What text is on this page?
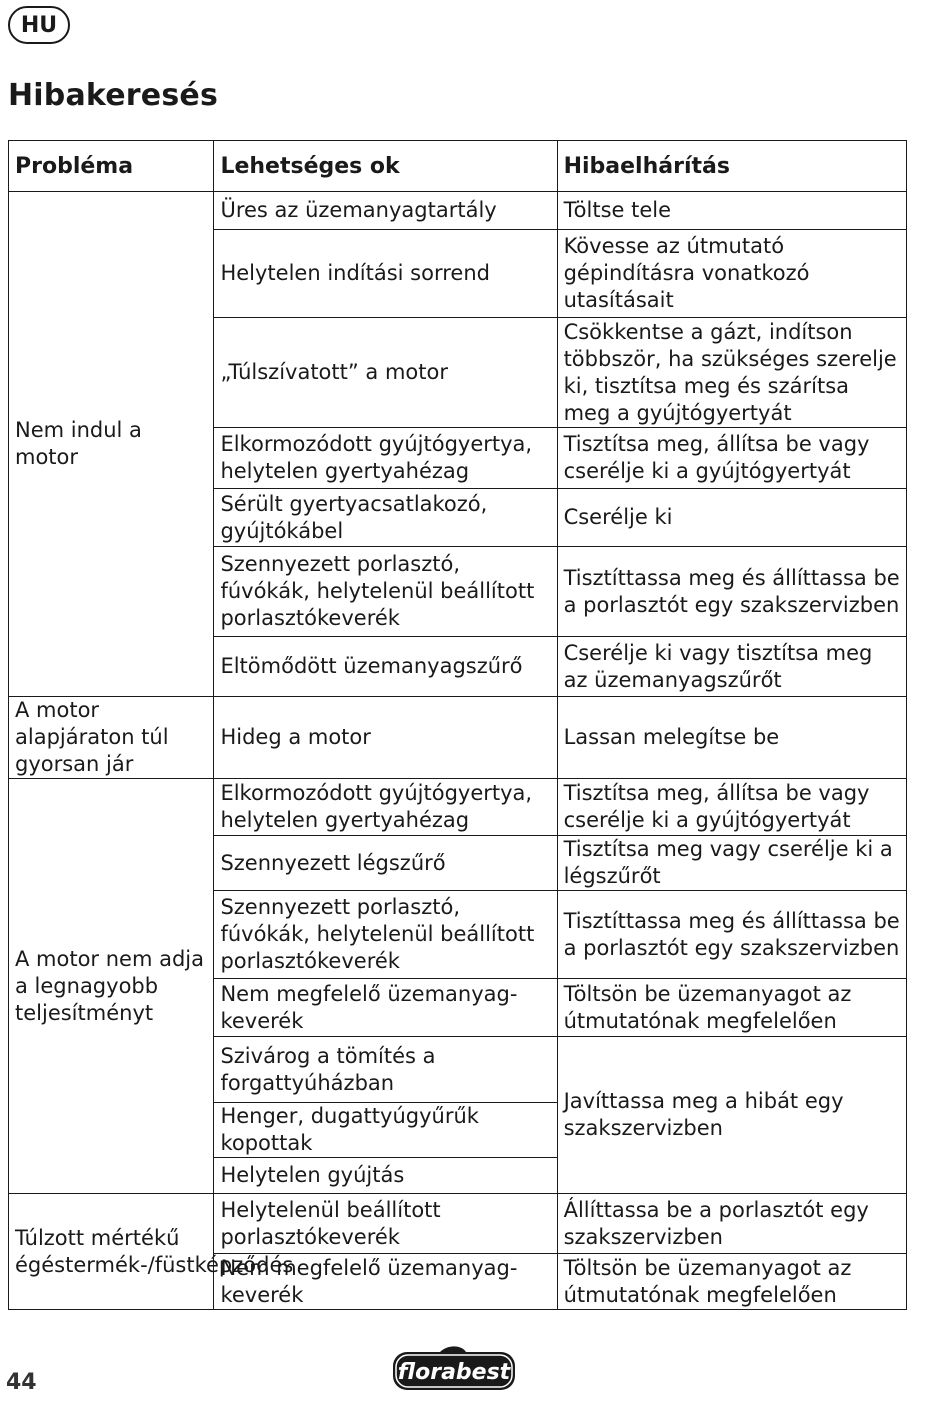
HU
Hibakeresés
Probléma	Lehetséges ok	Hibaelhárítás
Nem indul a motor	Üres az üzemanyagtartály	Töltse tele
	Helytelen indítási sorrend	Kövesse az útmutató gépindításra vonatkozó utasításait
	„Túlszívatott” a motor	Csökkentse a gázt, indítson többször, ha szükséges szerelje ki, tisztítsa meg és szárítsa meg a gyújtógyertyát
	Elkormozódott gyújtógyertya, helytelen gyertyahézag	Tisztítsa meg, állítsa be vagy cserélje ki a gyújtógyertyát
	Sérült gyertyacsatlakozó, gyújtókábel	Cserélje ki
	Szennyezett porlasztó, fúvókák, helytelenül beállított porlasztókeverék	Tisztíttassa meg és állíttassa be a porlasztót egy szakszervizben
	Eltömődött üzemanyagszűrő	Cserélje ki vagy tisztítsa meg az üzemanyagszűrőt
A motor alapjáraton túl gyorsan jár	Hideg a motor	Lassan melegítse be
A motor nem adja a legnagyobb teljesítményt	Elkormozódott gyújtógyertya, helytelen gyertyahézag	Tisztítsa meg, állítsa be vagy cserélje ki a gyújtógyertyát
	Szennyezett légszűrő	Tisztítsa meg vagy cserélje ki a légszűrőt
	Szennyezett porlasztó, fúvókák, helytelenül beállított porlasztókeverék	Tisztíttassa meg és állíttassa be a porlasztót egy szakszervizben
	Nem megfelelő üzemanyag-keverék	Töltsön be üzemanyagot az útmutatónak megfelelően
	Szivárog a tömítés a forgattyúházban	Javíttassa meg a hibát egy szakszervizben
	Henger, dugattyúgyűrűk kopottak	
	Helytelen gyújtás	
Túlzott mértékű égéstermék-/füstképződés	Helytelenül beállított porlasztókeverék	Állíttassa be a porlasztót egy szakszervizben
	Nem megfelelő üzemanyag-keverék	Töltsön be üzemanyagot az útmutatónak megfelelően
44	florabest
